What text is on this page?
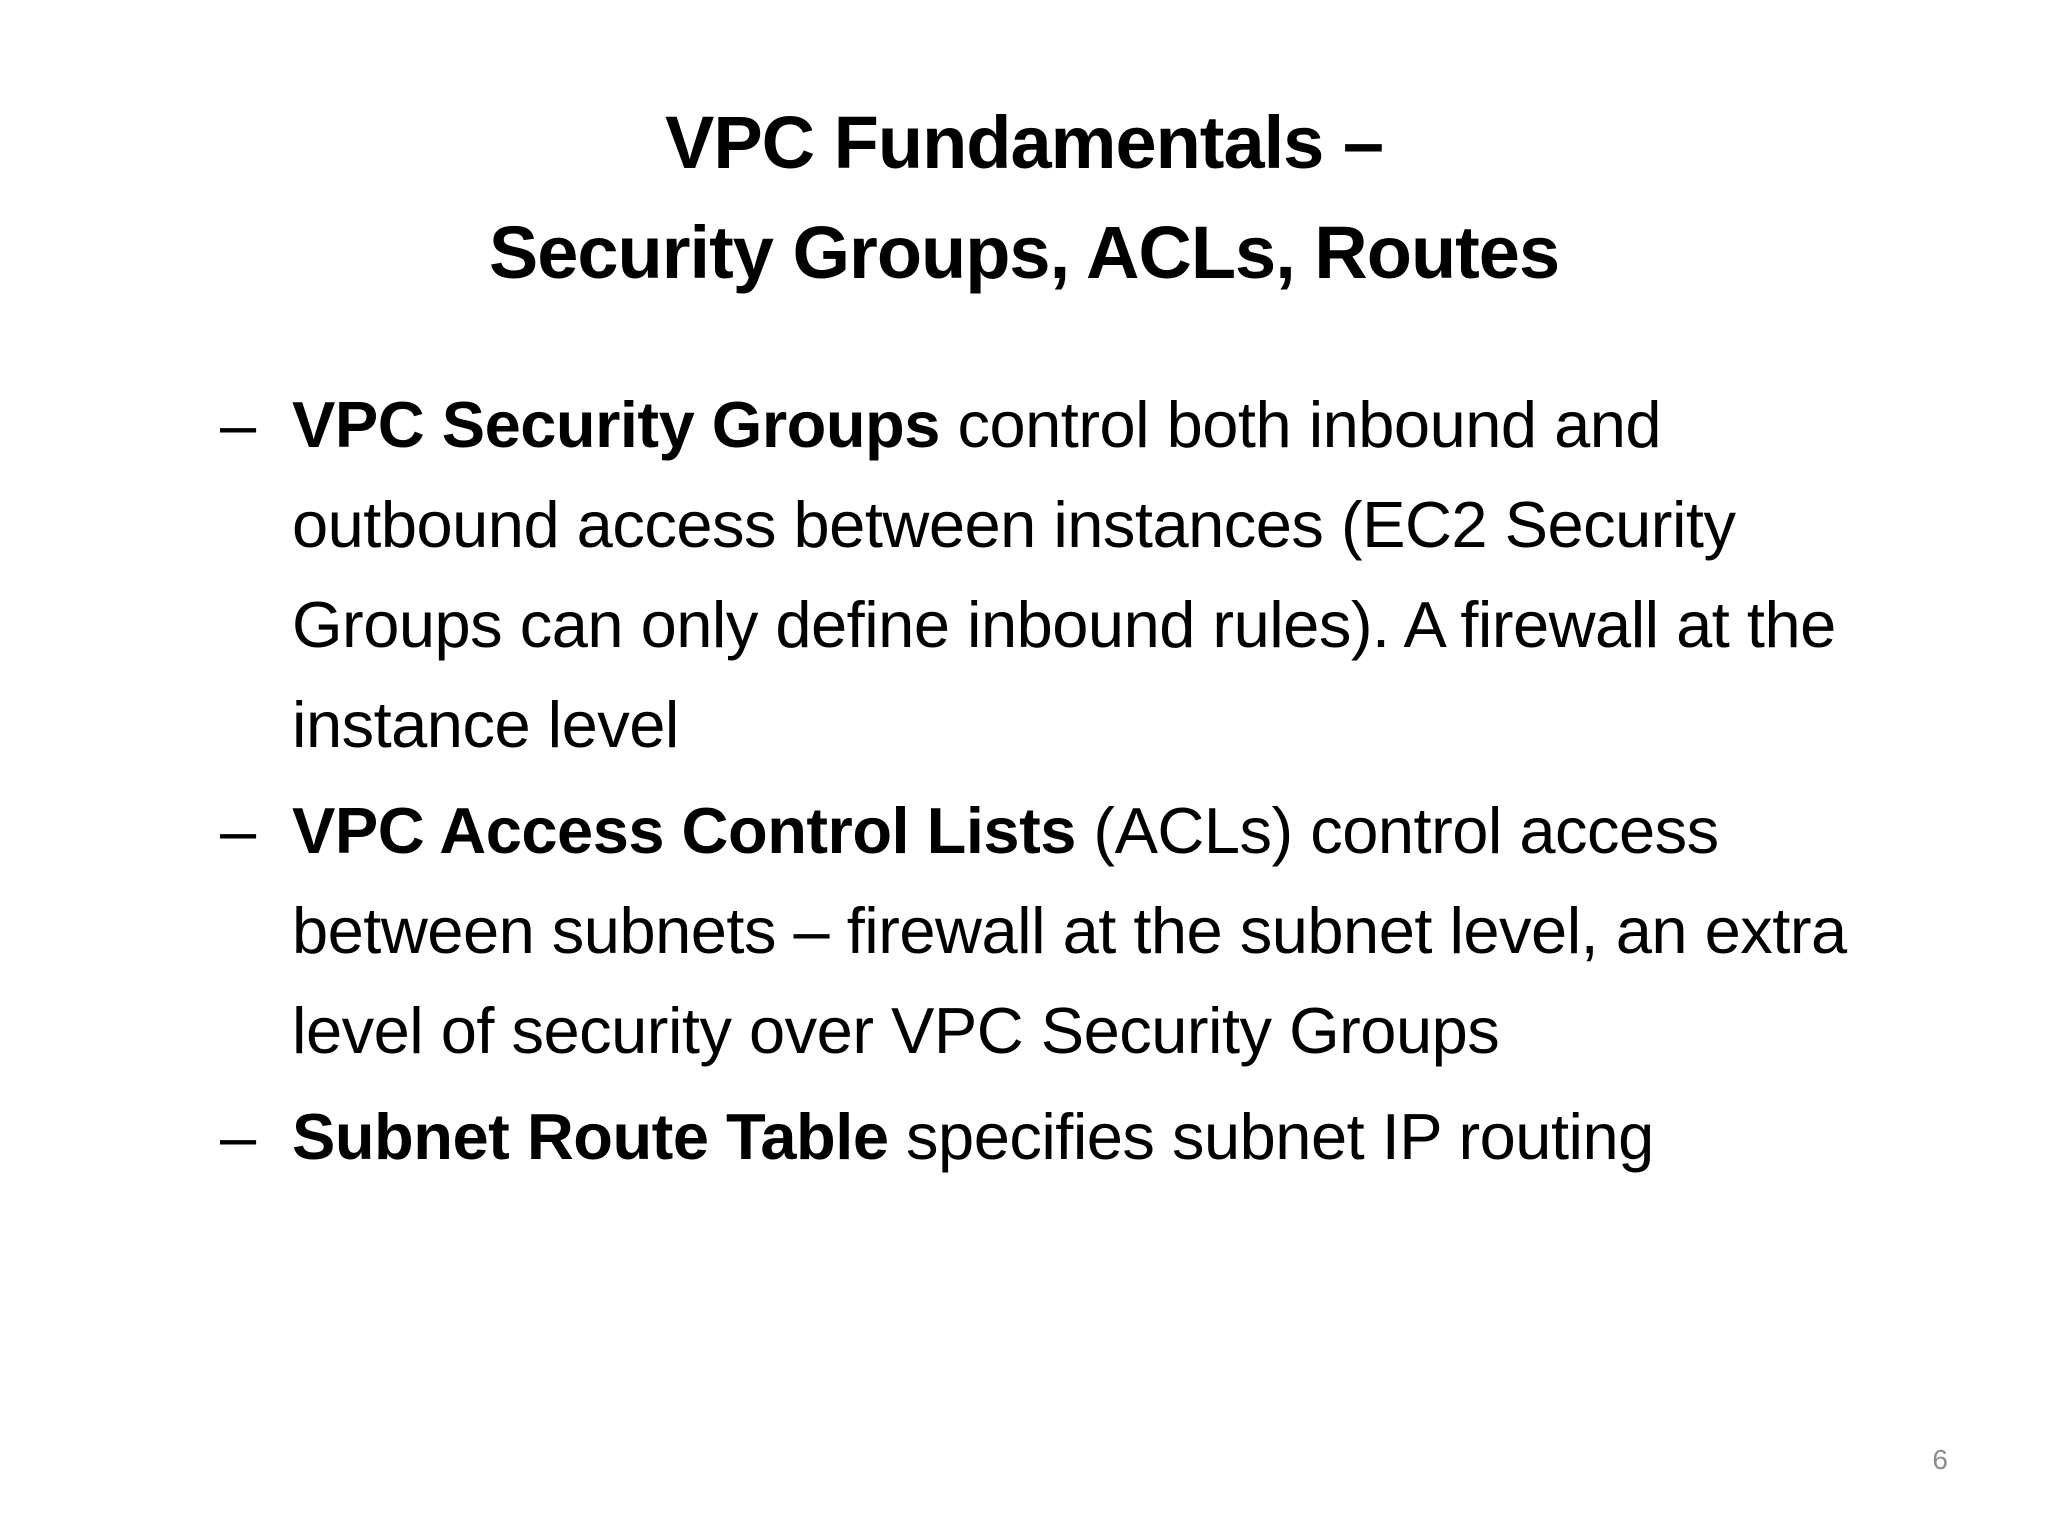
VPC Fundamentals –
Security Groups, ACLs, Routes
– VPC Security Groups control both inbound and outbound access between instances (EC2 Security Groups can only define inbound rules). A firewall at the instance level
– VPC Access Control Lists (ACLs) control access between subnets – firewall at the subnet level, an extra level of security over VPC Security Groups
– Subnet Route Table specifies subnet IP routing
6
